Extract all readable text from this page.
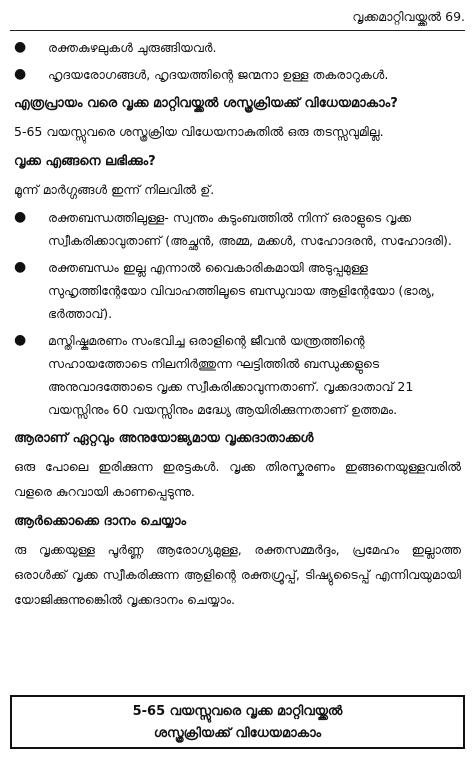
വൃക്കമാറ്റിവയ്ക്കൽ 69.
●	രക്തകുഴലുകൾ ചുരുങ്ങിയവർ.
●	ഹൃദയരോഗങ്ങൾ, ഹൃദയത്തിന്റെ ജന്മനാ ഉള്ള തകരാറുകൾ.
എത്രപ്രായം വരെ വൃക്ക മാറ്റിവയ്ക്കൽ ശസ്ത്രക്രിയക്ക് വിധേയമാകാം?
5-65 വയസ്സുവരെ ശസ്ത്രക്രിയ വിധേയനാകുതിൽ ഒരു തടസ്സവുമില്ല.
വൃക്ക എങ്ങനെ ലഭിക്കും?
മൂന്ന് മാർഗ്ഗങ്ങൾ ഇന്ന് നിലവിൽ ഉ്.
●	രക്തബന്ധത്തിലുള്ള- സ്വന്തം കുടുംബത്തിൽ നിന്ന് ഒരാളുടെ വൃക്ക സ്വീകരിക്കാവുതാണ് (അച്ഛൻ, അമ്മ, മക്കൾ, സഹോദരൻ, സഹോദരി).
●	രക്തബന്ധം ഇല്ല എന്നാൽ വൈകാരികമായി അടുപ്പമുള്ള സുഹൃത്തിന്റേയോ വിവാഹത്തിലൂടെ ബന്ധുവായ ആളിന്റേയോ (ഭാര്യ, ഭർത്താവ്).
●	മസ്തിഷ്കമരണം സംഭവിച്ച ഒരാളിന്റെ ജീവൻ യന്ത്രത്തിന്റെ സഹായത്തോടെ നിലനിർത്തുന്ന ഘട്ടിത്തിൽ ബന്ധുക്കളുടെ അനുവാദത്തോടെ വൃക്ക സ്വീകരിക്കാവുന്നതാണ്. വൃക്കദാതാവ് 21 വയസ്സിനും 60 വയസ്സിനും മദ്ധ്യേ ആയിരിക്കുന്നതാണ് ഉത്തമം.
ആരാണ് ഏറ്റവും അനുയോജ്യമായ വൃക്കദാതാക്കൾ
ഒരു പോലെ ഇരിക്കുന്ന ഇരട്ടകൾ. വൃക്ക തിരസ്കരണം ഇങ്ങനെയുള്ളവരിൽ വളരെ കുറവായി കാണപ്പെടുന്നു.
ആർക്കൊക്കെ ദാനം ചെയ്യാം
രു വൃക്കയുള്ള പൂർണ്ണ ആരോഗ്യമുള്ള, രക്തസമ്മർദ്ദം, പ്രമേഹം ഇല്ലാത്ത ഒരാൾക്ക് വൃക്ക സ്വീകരിക്കുന്ന ആളിന്റെ രക്തഗ്രൂപ്പ്, ടിഷ്യുടൈപ്പ് എന്നിവയുമായി യോജിക്കുന്നുങ്കെിൽ വൃക്കദാനം ചെയ്യാം.
5-65 വയസ്സുവരെ വൃക്ക മാറ്റിവയ്ക്കൽ
ശസ്ത്രക്രിയക്ക് വിധേയമാകാം
